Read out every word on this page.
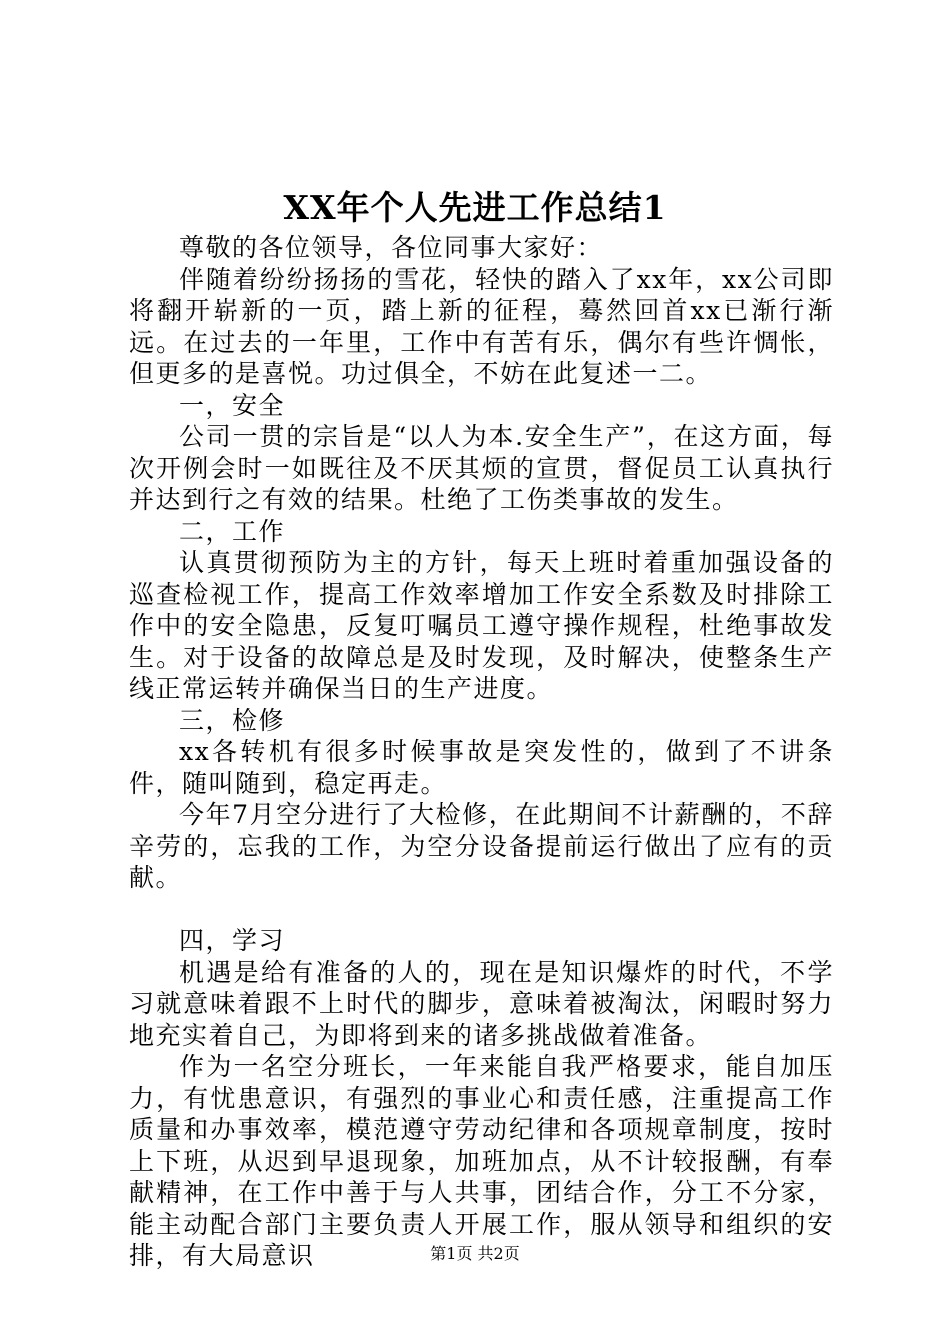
XX年个人先进工作总结1

尊敬的各位领导，各位同事大家好：

伴随着纷纷扬扬的雪花，轻快的踏入了xx年，xx公司即将翻开崭新的一页，踏上新的征程，蓦然回首xx已渐行渐远。在过去的一年里，工作中有苦有乐，偶尔有些许惆怅，但更多的是喜悦。功过俱全，不妨在此复述一二。

一，安全

公司一贯的宗旨是“以人为本.安全生产”，在这方面，每次开例会时一如既往及不厌其烦的宣贯，督促员工认真执行并达到行之有效的结果。杜绝了工伤类事故的发生。

二，工作

认真贯彻预防为主的方针，每天上班时着重加强设备的巡查检视工作，提高工作效率增加工作安全系数及时排除工作中的安全隐患，反复叮嘱员工遵守操作规程，杜绝事故发生。对于设备的故障总是及时发现，及时解决，使整条生产线正常运转并确保当日的生产进度。

三，检修

xx各转机有很多时候事故是突发性的，做到了不讲条件，随叫随到，稳定再走。

今年7月空分进行了大检修，在此期间不计薪酬的，不辞辛劳的，忘我的工作，为空分设备提前运行做出了应有的贡献。

四，学习

机遇是给有准备的人的，现在是知识爆炸的时代，不学习就意味着跟不上时代的脚步，意味着被淘汰，闲暇时努力地充实着自己，为即将到来的诸多挑战做着准备。

作为一名空分班长，一年来能自我严格要求，能自加压力，有忧患意识，有强烈的事业心和责任感，注重提高工作质量和办事效率，模范遵守劳动纪律和各项规章制度，按时上下班，从迟到早退现象，加班加点，从不计较报酬，有奉献精神，在工作中善于与人共事，团结合作，分工不分家，能主动配合部门主要负责人开展工作，服从领导和组织的安排，有大局意识	第1页 共2页
